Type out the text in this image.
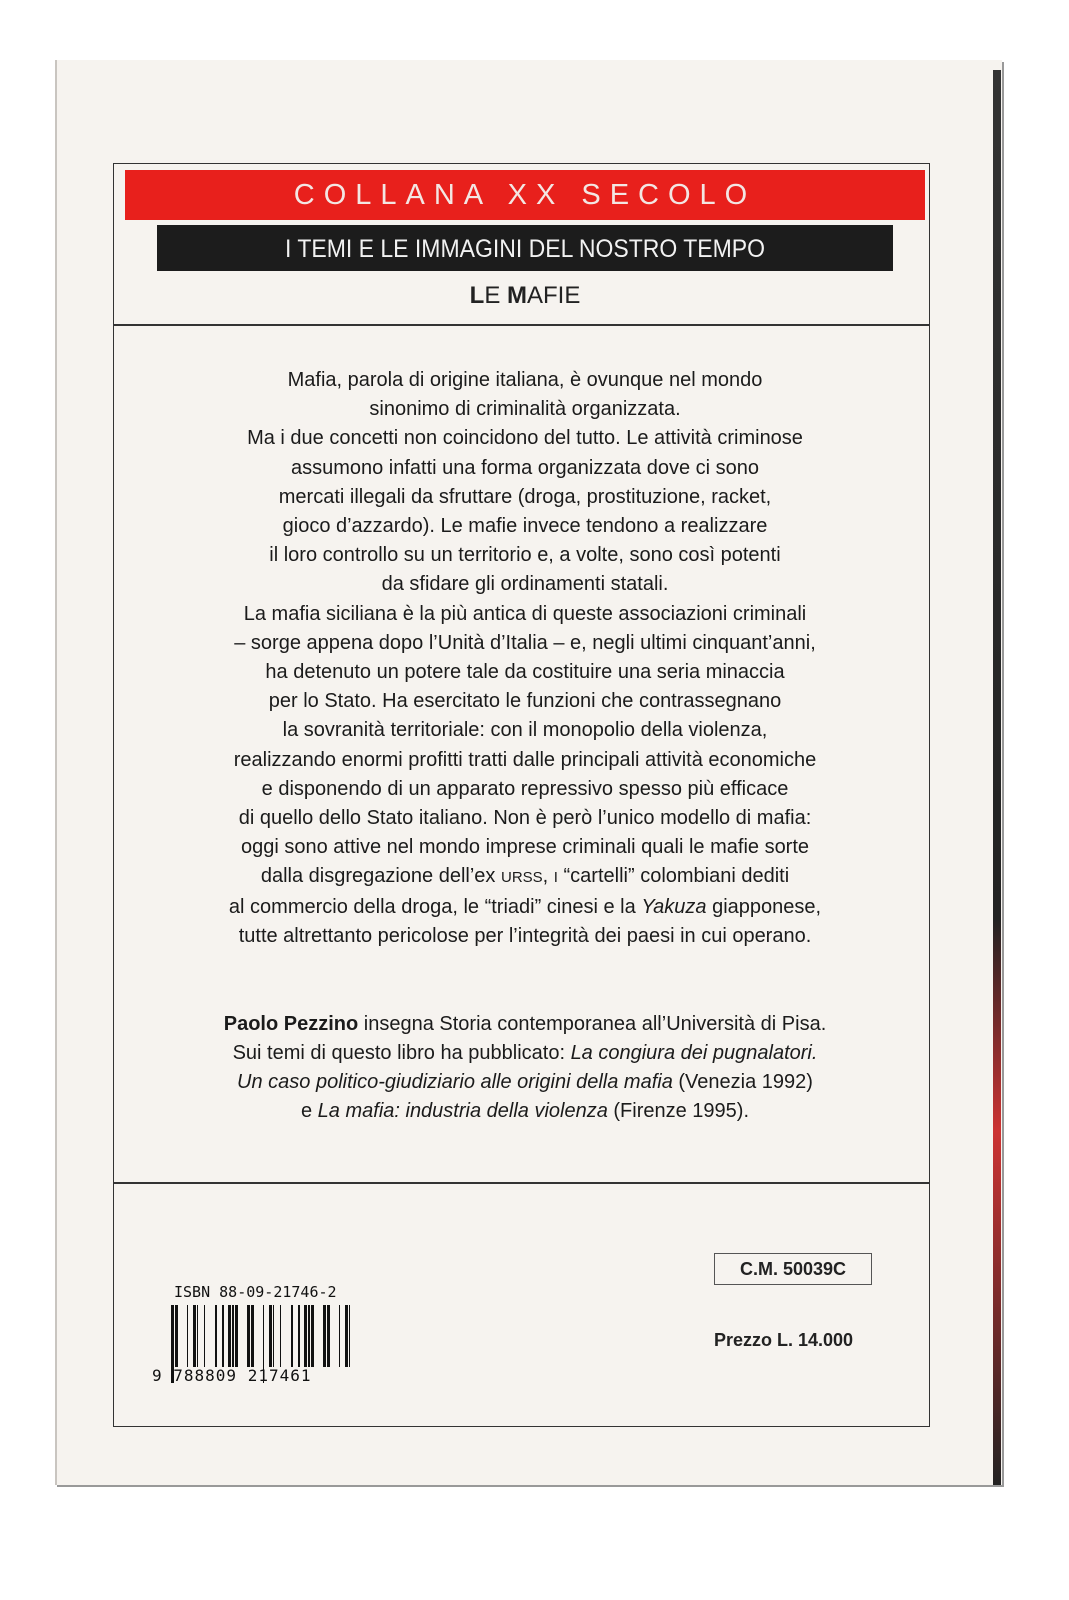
COLLANA XX SECOLO
I TEMI E LE IMMAGINI DEL NOSTRO TEMPO
LE MAFIE
Mafia, parola di origine italiana, è ovunque nel mondo
sinonimo di criminalità organizzata.
Ma i due concetti non coincidono del tutto. Le attività criminose
assumono infatti una forma organizzata dove ci sono
mercati illegali da sfruttare (droga, prostituzione, racket,
gioco d’azzardo). Le mafie invece tendono a realizzare
il loro controllo su un territorio e, a volte, sono così potenti
da sfidare gli ordinamenti statali.
La mafia siciliana è la più antica di queste associazioni criminali
– sorge appena dopo l’Unità d’Italia – e, negli ultimi cinquant’anni,
ha detenuto un potere tale da costituire una seria minaccia
per lo Stato. Ha esercitato le funzioni che contrassegnano
la sovranità territoriale: con il monopolio della violenza,
realizzando enormi profitti tratti dalle principali attività economiche
e disponendo di un apparato repressivo spesso più efficace
di quello dello Stato italiano. Non è però l’unico modello di mafia:
oggi sono attive nel mondo imprese criminali quali le mafie sorte
dalla disgregazione dell’ex URSS, I “cartelli” colombiani dediti
al commercio della droga, le “triadi” cinesi e la Yakuza giapponese,
tutte altrettanto pericolose per l’integrità dei paesi in cui operano.
Paolo Pezzino insegna Storia contemporanea all’Università di Pisa.
Sui temi di questo libro ha pubblicato: La congiura dei pugnalatori.
Un caso politico-giudiziario alle origini della mafia (Venezia 1992)
e La mafia: industria della violenza (Firenze 1995).
C.M. 50039C
Prezzo L. 14.000
ISBN 88-09-21746-2
9 788809 217461
